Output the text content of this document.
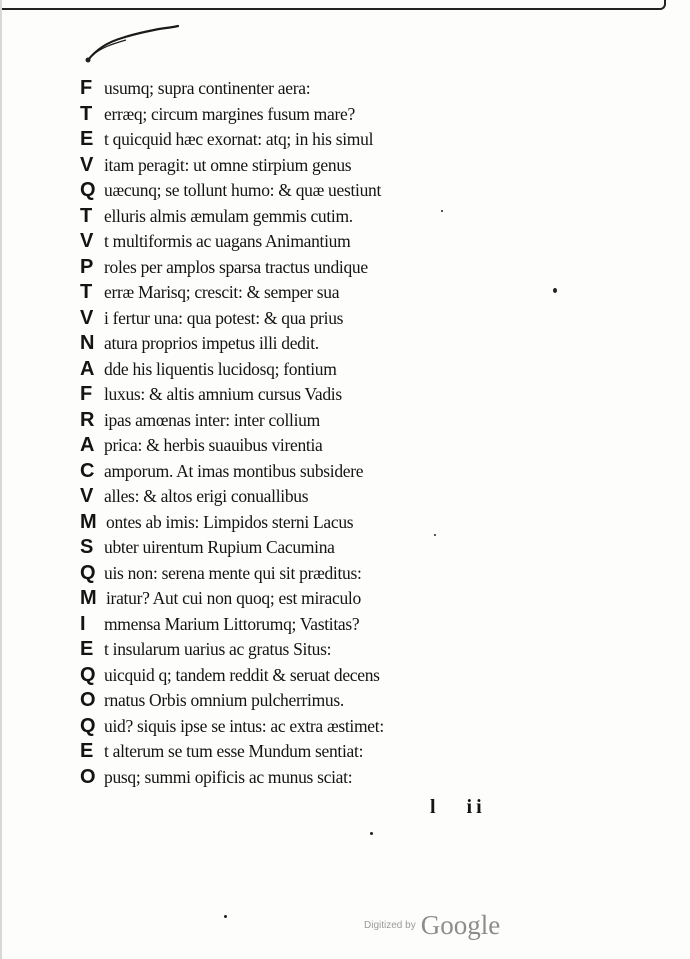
F usumq; supra continenter aera:
T erræq; circum margines fusum mare?
E t quicquid hæc exornat: atq; in his simul
V itam peragit: ut omne stirpium genus
Q uæcunq; se tollunt humo: & quæ uestiunt
T elluris almis æmulam gemmis cutim.
V t multiformis ac uagans Animantium
P roles per amplos sparsa tractus undique
T erræ Marisq; crescit: & semper sua
V i fertur una: qua potest: & qua prius
N atura proprios impetus illi dedit.
A dde his liquentis lucidosq; fontium
F luxus: & altis amnium cursus Vadis
R ipas amœnas inter: inter collium
A prica: & herbis suauibus virentia
C amporum. At imas montibus subsidere
V alles: & altos erigi conuallibus
M ontes ab imis: Limpidos sterni Lacus
S ubter uirentum Rupium Cacumina
Q uis non: serena mente qui sit præditus:
M iratur? Aut cui non quoq; est miraculo
I mmensa Marium Littorumq; Vastitas?
E t insularum uarius ac gratus Situs:
Q uicquid q; tandem reddit & seruat decens
O rnatus Orbis omnium pulcherrimus.
Q uid? siquis ipse se intus: ac extra æstimet:
E t alterum se tum esse Mundum sentiat:
O pusq; summi opificis ac munus sciat:
l ii
Digitized by Google
